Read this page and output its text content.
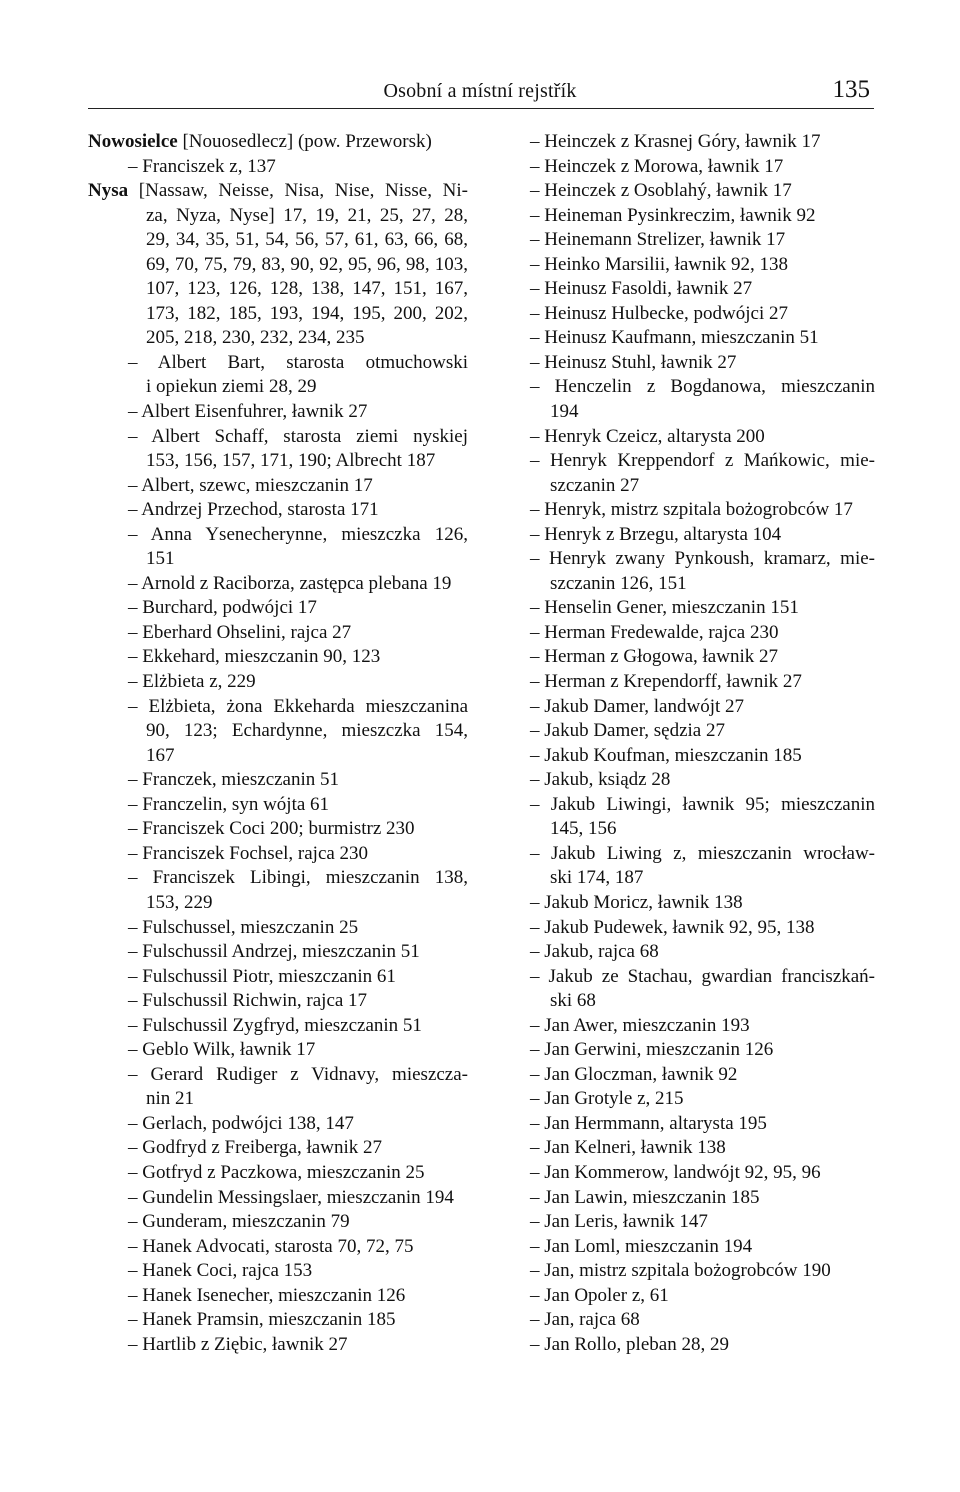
Osobní a místní rejstřík	135
Nowosielce [Nouosedlecz] (pow. Przeworsk)
– Franciszek z, 137
Nysa [Nassaw, Neisse, Nisa, Nise, Nisse, Ni-
za, Nyza, Nyse] 17, 19, 21, 25, 27, 28,
29, 34, 35, 51, 54, 56, 57, 61, 63, 66, 68,
69, 70, 75, 79, 83, 90, 92, 95, 96, 98, 103,
107, 123, 126, 128, 138, 147, 151, 167,
173, 182, 185, 193, 194, 195, 200, 202,
205, 218, 230, 232, 234, 235
– Albert Bart, starosta otmuchowski
i opiekun ziemi 28, 29
– Albert Eisenfuhrer, ławnik 27
– Albert Schaff, starosta ziemi nyskiej
153, 156, 157, 171, 190; Albrecht 187
– Albert, szewc, mieszczanin 17
– Andrzej Przechod, starosta 171
– Anna Ysenecherynne, mieszczka 126,
151
– Arnold z Raciborza, zastępca plebana 19
– Burchard, podwójci 17
– Eberhard Ohselini, rajca 27
– Ekkehard, mieszczanin 90, 123
– Elżbieta z, 229
– Elżbieta, żona Ekkeharda mieszczanina
90, 123; Echardynne, mieszczka 154,
167
– Franczek, mieszczanin 51
– Franczelin, syn wójta 61
– Franciszek Coci 200; burmistrz 230
– Franciszek Fochsel, rajca 230
– Franciszek Libingi, mieszczanin 138,
153, 229
– Fulschussel, mieszczanin 25
– Fulschussil Andrzej, mieszczanin 51
– Fulschussil Piotr, mieszczanin 61
– Fulschussil Richwin, rajca 17
– Fulschussil Zygfryd, mieszczanin 51
– Geblo Wilk, ławnik 17
– Gerard Rudiger z Vidnavy, mieszcza-
nin 21
– Gerlach, podwójci 138, 147
– Godfryd z Freiberga, ławnik 27
– Gotfryd z Paczkowa, mieszczanin 25
– Gundelin Messingslaer, mieszczanin 194
– Gunderam, mieszczanin 79
– Hanek Advocati, starosta 70, 72, 75
– Hanek Coci, rajca 153
– Hanek Isenecher, mieszczanin 126
– Hanek Pramsin, mieszczanin 185
– Hartlib z Ziębic, ławnik 27
– Heinczek z Krasnej Góry, ławnik 17
– Heinczek z Morowa, ławnik 17
– Heinczek z Osoblahý, ławnik 17
– Heineman Pysinkreczim, ławnik 92
– Heinemann Strelizer, ławnik 17
– Heinko Marsilii, ławnik 92, 138
– Heinusz Fasoldi, ławnik 27
– Heinusz Hulbecke, podwójci 27
– Heinusz Kaufmann, mieszczanin 51
– Heinusz Stuhl, ławnik 27
– Henczelin z Bogdanowa, mieszczanin
194
– Henryk Czeicz, altarysta 200
– Henryk Kreppendorf z Mańkowic, mie-
szczanin 27
– Henryk, mistrz szpitala bożogrobców 17
– Henryk z Brzegu, altarysta 104
– Henryk zwany Pynkoush, kramarz, mie-
szczanin 126, 151
– Henselin Gener, mieszczanin 151
– Herman Fredewalde, rajca 230
– Herman z Głogowa, ławnik 27
– Herman z Krependorff, ławnik 27
– Jakub Damer, landwójt 27
– Jakub Damer, sędzia 27
– Jakub Koufman, mieszczanin 185
– Jakub, ksiądz 28
– Jakub Liwingi, ławnik 95; mieszczanin
145, 156
– Jakub Liwing z, mieszczanin wrocław-
ski 174, 187
– Jakub Moricz, ławnik 138
– Jakub Pudewek, ławnik 92, 95, 138
– Jakub, rajca 68
– Jakub ze Stachau, gwardian franciszkań-
ski 68
– Jan Awer, mieszczanin 193
– Jan Gerwini, mieszczanin 126
– Jan Gloczman, ławnik 92
– Jan Grotyle z, 215
– Jan Hermmann, altarysta 195
– Jan Kelneri, ławnik 138
– Jan Kommerow, landwójt 92, 95, 96
– Jan Lawin, mieszczanin 185
– Jan Leris, ławnik 147
– Jan Loml, mieszczanin 194
– Jan, mistrz szpitala bożogrobców 190
– Jan Opoler z, 61
– Jan, rajca 68
– Jan Rollo, pleban 28, 29
